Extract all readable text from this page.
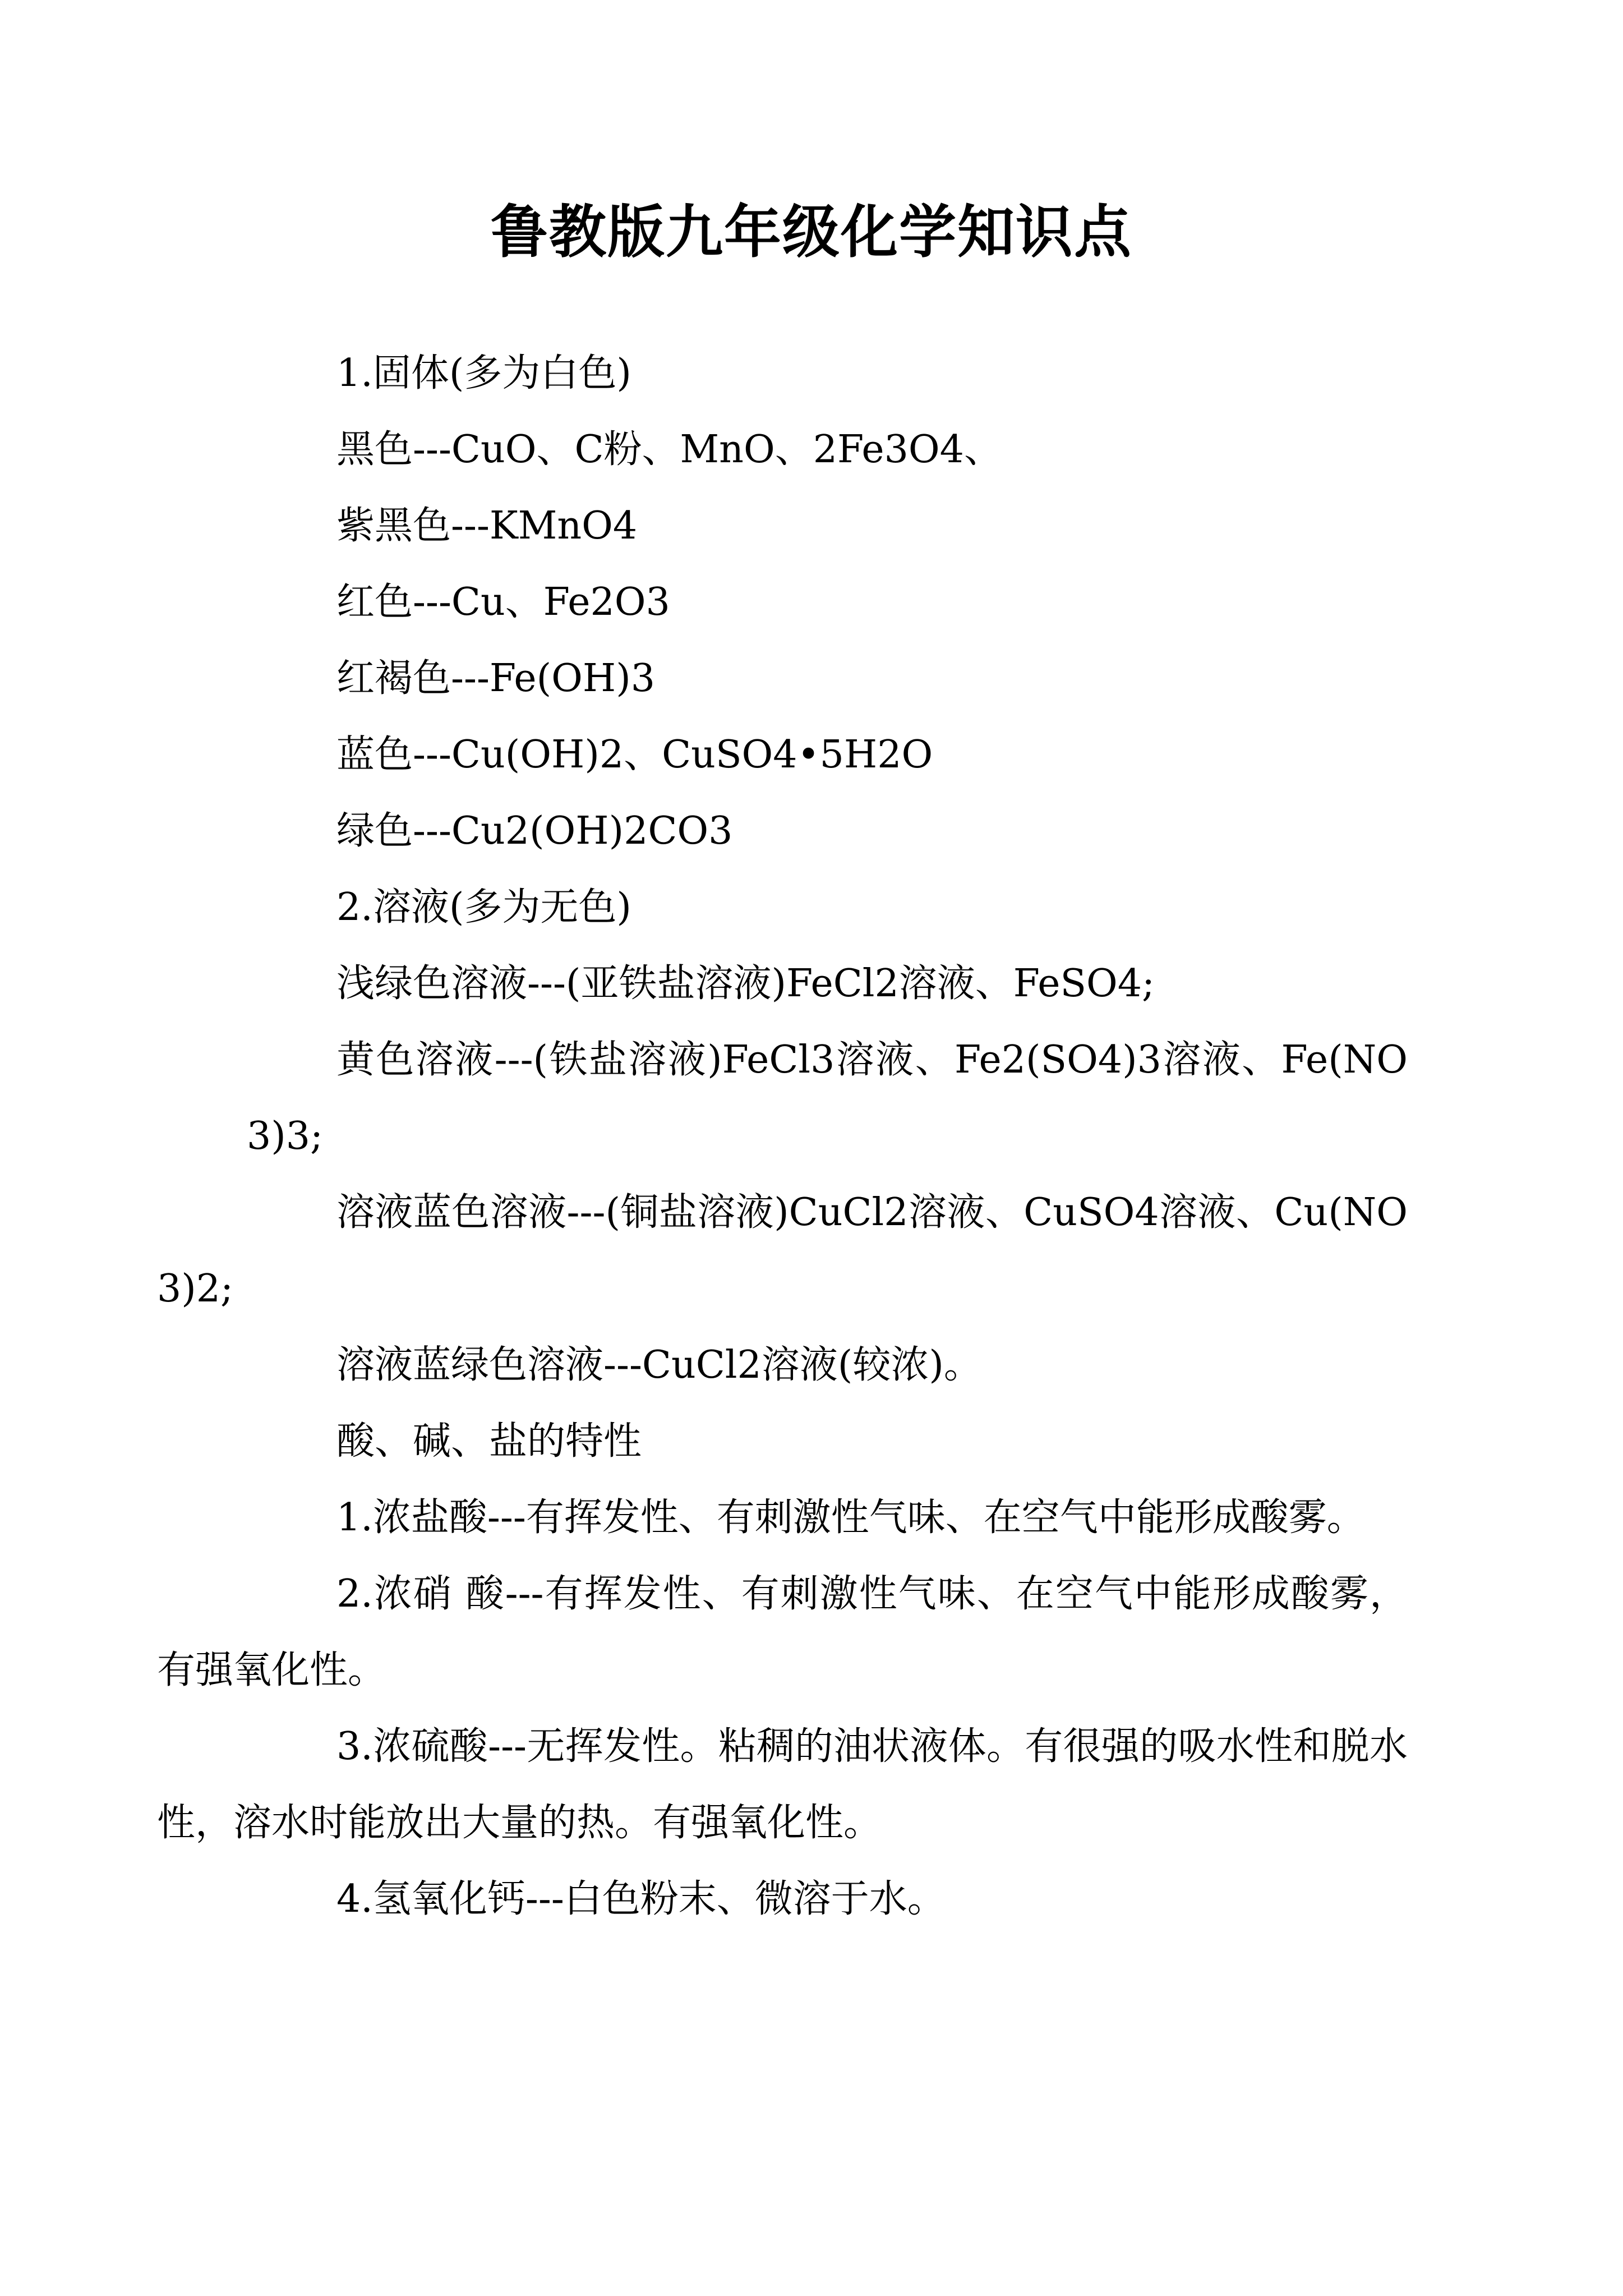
鲁教版九年级化学知识点

1.固体(多为白色)

黑色---CuO、C粉、MnO、2Fe3O4、

紫黑色---KMnO4

红色---Cu、Fe2O3

红褐色---Fe(OH)3

蓝色---Cu(OH)2、CuSO4•5H2O

绿色---Cu2(OH)2CO3

2.溶液(多为无色)

浅绿色溶液---(亚铁盐溶液)FeCl2溶液、FeSO4;

黄色溶液---(铁盐溶液)FeCl3溶液、Fe2(SO4)3溶液、Fe(NO3)3;

溶液蓝色溶液---(铜盐溶液)CuCl2溶液、CuSO4溶液、Cu(NO3)2;

溶液蓝绿色溶液---CuCl2溶液(较浓)。

酸、碱、盐的特性

1.浓盐酸---有挥发性、有刺激性气味、在空气中能形成酸雾。

2.浓硝 酸---有挥发性、有刺激性气味、在空气中能形成酸雾，有强氧化性。

3.浓硫酸---无挥发性。粘稠的油状液体。有很强的吸水性和脱水性，溶水时能放出大量的热。有强氧化性。

4.氢氧化钙---白色粉末、微溶于水。
